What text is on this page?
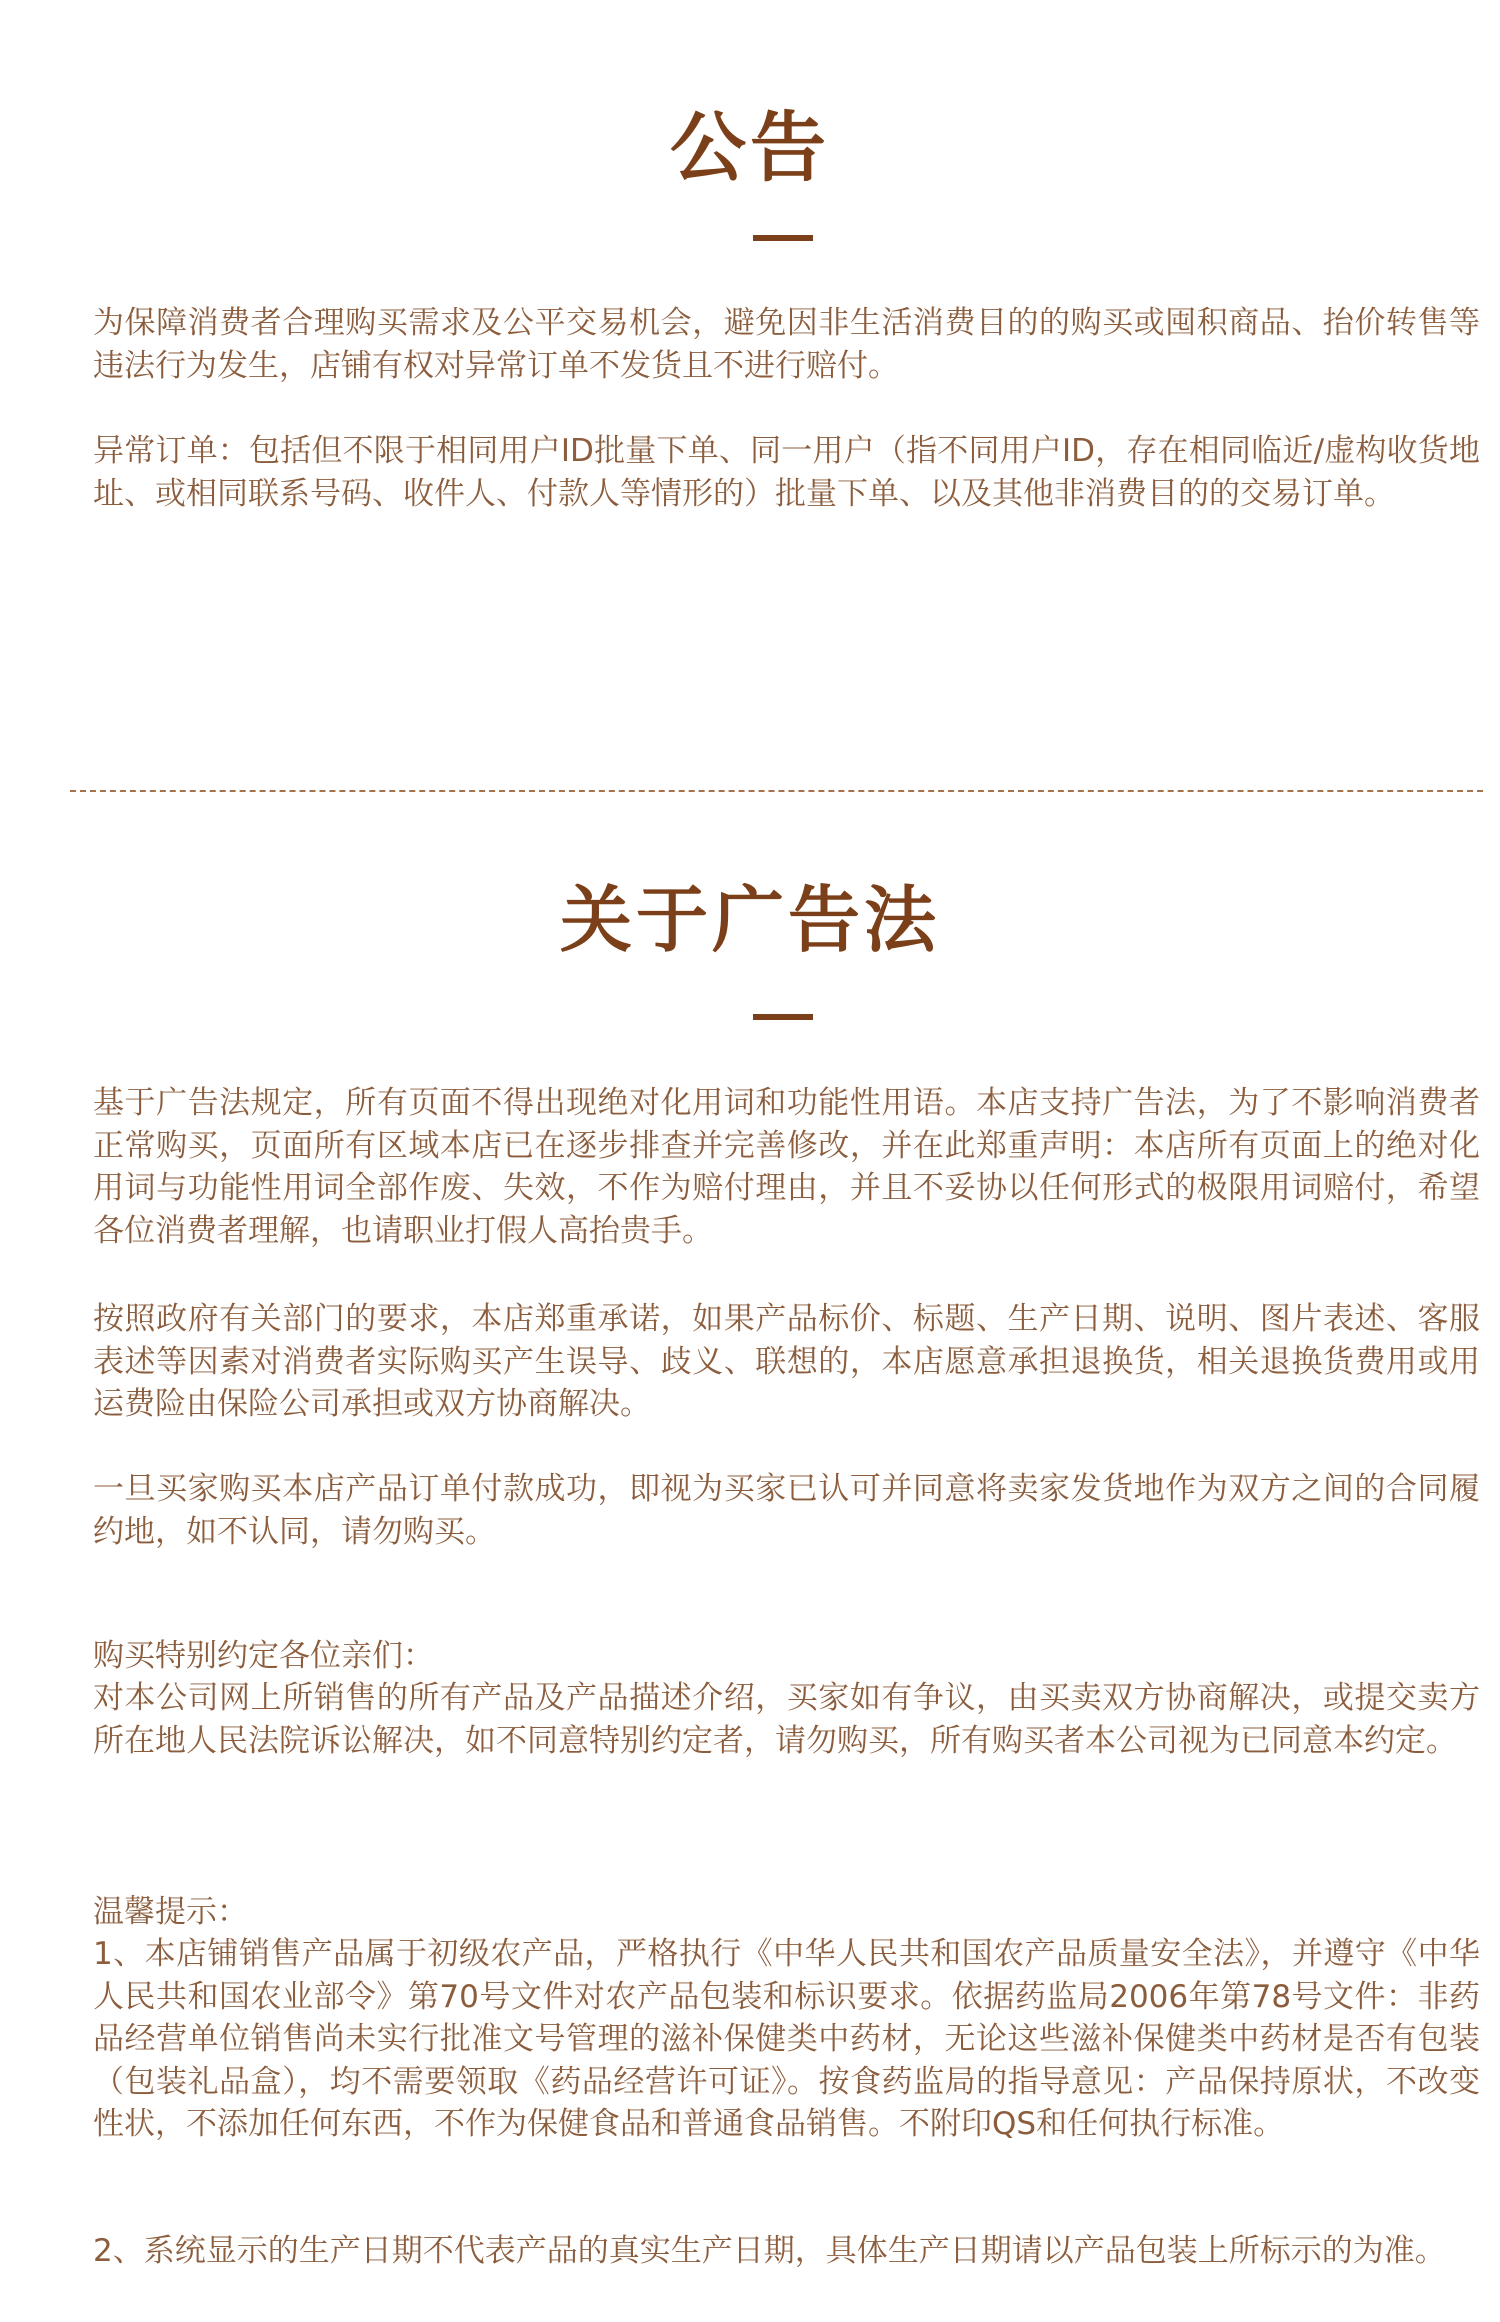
公告

为保障消费者合理购买需求及公平交易机会，避免因非生活消费目的的购买或囤积商品、抬价转售等违法行为发生，店铺有权对异常订单不发货且不进行赔付。

异常订单：包括但不限于相同用户ID批量下单、同一用户（指不同用户ID，存在相同临近/虚构收货地址、或相同联系号码、收件人、付款人等情形的）批量下单、以及其他非消费目的的交易订单。

关于广告法

基于广告法规定，所有页面不得出现绝对化用词和功能性用语。本店支持广告法，为了不影响消费者正常购买，页面所有区域本店已在逐步排查并完善修改，并在此郑重声明：本店所有页面上的绝对化用词与功能性用词全部作废、失效，不作为赔付理由，并且不妥协以任何形式的极限用词赔付，希望各位消费者理解，也请职业打假人高抬贵手。

按照政府有关部门的要求，本店郑重承诺，如果产品标价、标题、生产日期、说明、图片表述、客服表述等因素对消费者实际购买产生误导、歧义、联想的，本店愿意承担退换货，相关退换货费用或用运费险由保险公司承担或双方协商解决。

一旦买家购买本店产品订单付款成功，即视为买家已认可并同意将卖家发货地作为双方之间的合同履约地，如不认同，请勿购买。

购买特别约定各位亲们：

对本公司网上所销售的所有产品及产品描述介绍，买家如有争议，由买卖双方协商解决，或提交卖方所在地人民法院诉讼解决，如不同意特别约定者，请勿购买，所有购买者本公司视为已同意本约定。

温馨提示：

1、本店铺销售产品属于初级农产品，严格执行《中华人民共和国农产品质量安全法》，并遵守《中华人民共和国农业部令》第70号文件对农产品包装和标识要求。依据药监局2006年第78号文件：非药品经营单位销售尚未实行批准文号管理的滋补保健类中药材，无论这些滋补保健类中药材是否有包装（包装礼品盒），均不需要领取《药品经营许可证》。按食药监局的指导意见：产品保持原状，不改变性状，不添加任何东西，不作为保健食品和普通食品销售。不附印QS和任何执行标准。

2、系统显示的生产日期不代表产品的真实生产日期，具体生产日期请以产品包装上所标示的为准。
